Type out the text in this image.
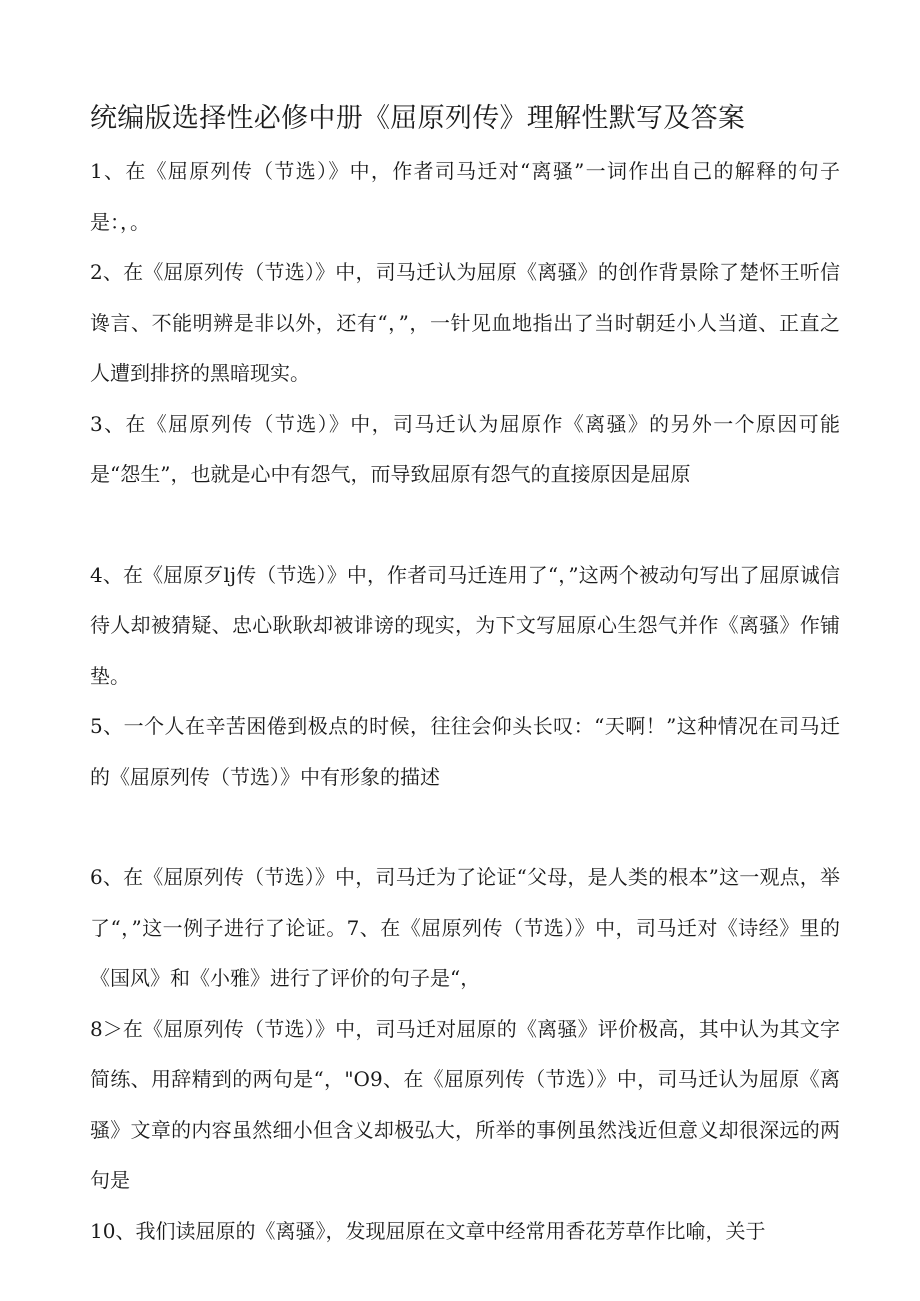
统编版选择性必修中册《屈原列传》理解性默写及答案

1、在《屈原列传（节选）》中，作者司马迁对“离骚”一词作出自己的解释的句子是：，。

2、在《屈原列传（节选）》中，司马迁认为屈原《离骚》的创作背景除了楚怀王听信谗言、不能明辨是非以外，还有“，”，一针见血地指出了当时朝廷小人当道、正直之人遭到排挤的黑暗现实。

3、在《屈原列传（节选）》中，司马迁认为屈原作《离骚》的另外一个原因可能是“怨生”，也就是心中有怨气，而导致屈原有怨气的直接原因是屈原

4、在《屈原歹lj传（节选）》中，作者司马迁连用了“，”这两个被动句写出了屈原诚信待人却被猜疑、忠心耿耿却被诽谤的现实，为下文写屈原心生怨气并作《离骚》作铺垫。

5、一个人在辛苦困倦到极点的时候，往往会仰头长叹：“天啊！”这种情况在司马迁的《屈原列传（节选）》中有形象的描述

6、在《屈原列传（节选）》中，司马迁为了论证“父母，是人类的根本”这一观点，举了“，”这一例子进行了论证。7、在《屈原列传（节选）》中，司马迁对《诗经》里的《国风》和《小雅》进行了评价的句子是“，

8＞在《屈原列传（节选）》中，司马迁对屈原的《离骚》评价极高，其中认为其文字简练、用辞精到的两句是“，"O9、在《屈原列传（节选）》中，司马迁认为屈原《离骚》文章的内容虽然细小但含义却极弘大，所举的事例虽然浅近但意义却很深远的两句是

10、我们读屈原的《离骚》，发现屈原在文章中经常用香花芳草作比喻，关于
